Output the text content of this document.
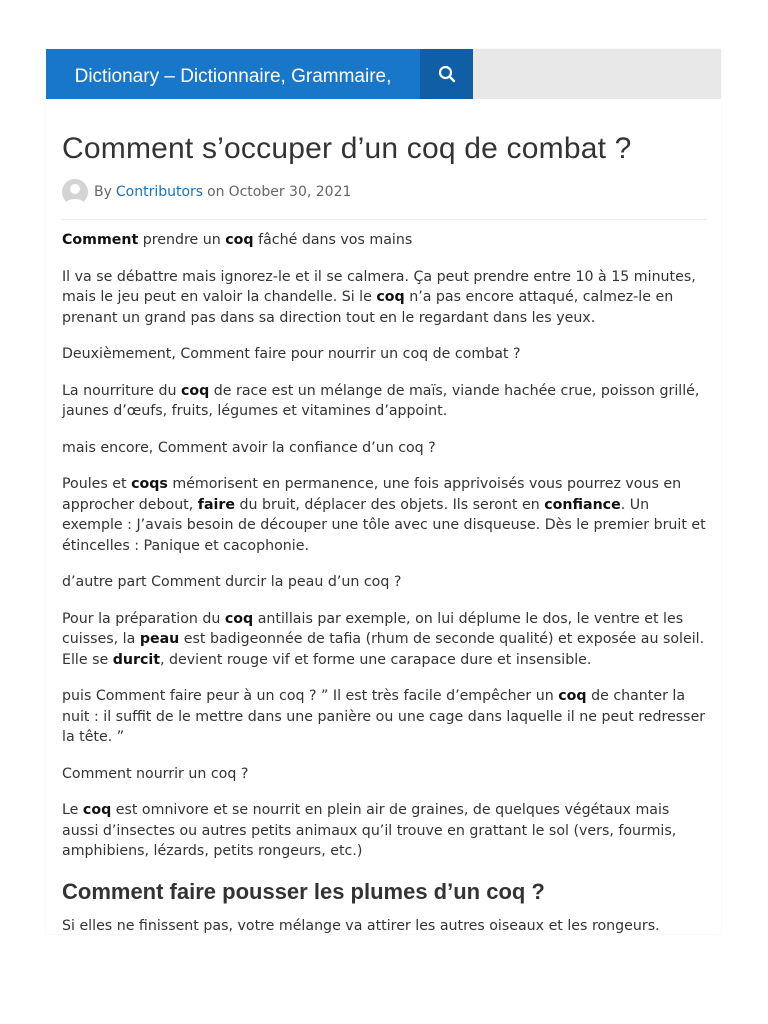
Dictionary – Dictionnaire, Grammaire, Orthographe & Conjugaison
Comment s’occuper d’un coq de combat ?
By Contributors on October 30, 2021

Comment prendre un coq fâché dans vos mains

Il va se débattre mais ignorez-le et il se calmera. Ça peut prendre entre 10 à 15 minutes, mais le jeu peut en valoir la chandelle. Si le coq n’a pas encore attaqué, calmez-le en prenant un grand pas dans sa direction tout en le regardant dans les yeux.

Deuxièmement, Comment faire pour nourrir un coq de combat ?

La nourriture du coq de race est un mélange de maïs, viande hachée crue, poisson grillé, jaunes d’œufs, fruits, légumes et vitamines d’appoint.

mais encore, Comment avoir la confiance d’un coq ?

Poules et coqs mémorisent en permanence, une fois apprivoisés vous pourrez vous en approcher debout, faire du bruit, déplacer des objets. Ils seront en confiance. Un exemple : J’avais besoin de découper une tôle avec une disqueuse. Dès le premier bruit et étincelles : Panique et cacophonie.

d’autre part Comment durcir la peau d’un coq ?

Pour la préparation du coq antillais par exemple, on lui déplume le dos, le ventre et les cuisses, la peau est badigeonnée de tafia (rhum de seconde qualité) et exposée au soleil. Elle se durcit, devient rouge vif et forme une carapace dure et insensible.

puis Comment faire peur à un coq ? ” Il est très facile d’empêcher un coq de chanter la nuit : il suffit de le mettre dans une panière ou une cage dans laquelle il ne peut redresser la tête. ”

Comment nourrir un coq ?

Le coq est omnivore et se nourrit en plein air de graines, de quelques végétaux mais aussi d’insectes ou autres petits animaux qu’il trouve en grattant le sol (vers, fourmis, amphibiens, lézards, petits rongeurs, etc.)

Comment faire pousser les plumes d’un coq ?

Si elles ne finissent pas, votre mélange va attirer les autres oiseaux et les rongeurs.
